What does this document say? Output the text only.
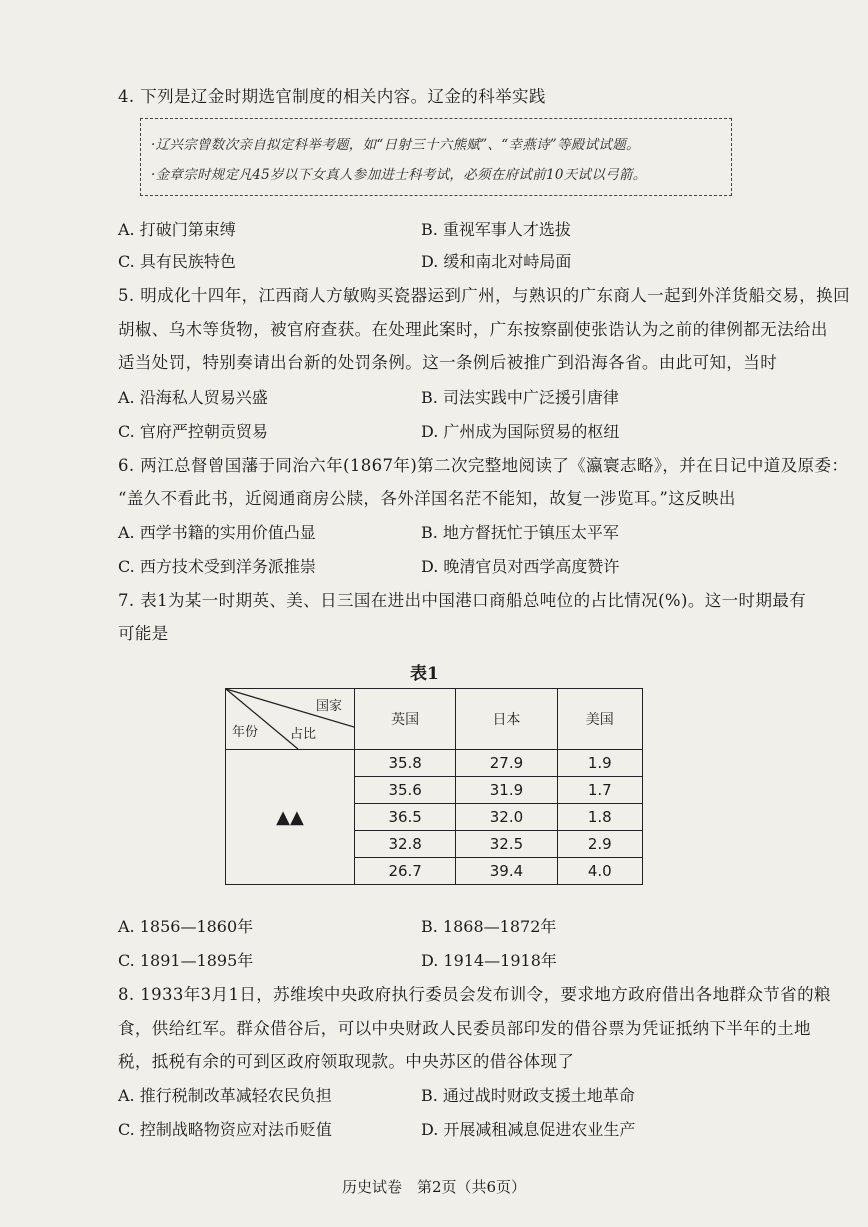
4. 下列是辽金时期选官制度的相关内容。辽金的科举实践
·辽兴宗曾数次亲自拟定科举考题，如“日射三十六熊赋”、“幸燕诗”等殿试试题。
·金章宗时规定凡45岁以下女真人参加进士科考试，必须在府试前10天试以弓箭。
A. 打破门第束缚	B. 重视军事人才选拔
C. 具有民族特色	D. 缓和南北对峙局面
5. 明成化十四年，江西商人方敏购买瓷器运到广州，与熟识的广东商人一起到外洋货船交易，换回
胡椒、乌木等货物，被官府查获。在处理此案时，广东按察副使张诰认为之前的律例都无法给出
适当处罚，特别奏请出台新的处罚条例。这一条例后被推广到沿海各省。由此可知，当时
A. 沿海私人贸易兴盛	B. 司法实践中广泛援引唐律
C. 官府严控朝贡贸易	D. 广州成为国际贸易的枢纽
6. 两江总督曾国藩于同治六年(1867年)第二次完整地阅读了《瀛寰志略》，并在日记中道及原委：
“盖久不看此书，近阅通商房公牍，各外洋国名茫不能知，故复一涉览耳。”这反映出
A. 西学书籍的实用价值凸显	B. 地方督抚忙于镇压太平军
C. 西方技术受到洋务派推崇	D. 晚清官员对西学高度赞许
7. 表1为某一时期英、美、日三国在进出中国港口商船总吨位的占比情况(%)。这一时期最有
可能是
表1
国家
年份 占比	英国	日本	美国
▲▲	35.8	27.9	1.9
	35.6	31.9	1.7
	36.5	32.0	1.8
	32.8	32.5	2.9
	26.7	39.4	4.0
A. 1856—1860年	B. 1868—1872年
C. 1891—1895年	D. 1914—1918年
8. 1933年3月1日，苏维埃中央政府执行委员会发布训令，要求地方政府借出各地群众节省的粮
食，供给红军。群众借谷后，可以中央财政人民委员部印发的借谷票为凭证抵纳下半年的土地
税，抵税有余的可到区政府领取现款。中央苏区的借谷体现了
A. 推行税制改革减轻农民负担	B. 通过战时财政支援土地革命
C. 控制战略物资应对法币贬值	D. 开展减租减息促进农业生产
历史试卷　第2页（共6页）
